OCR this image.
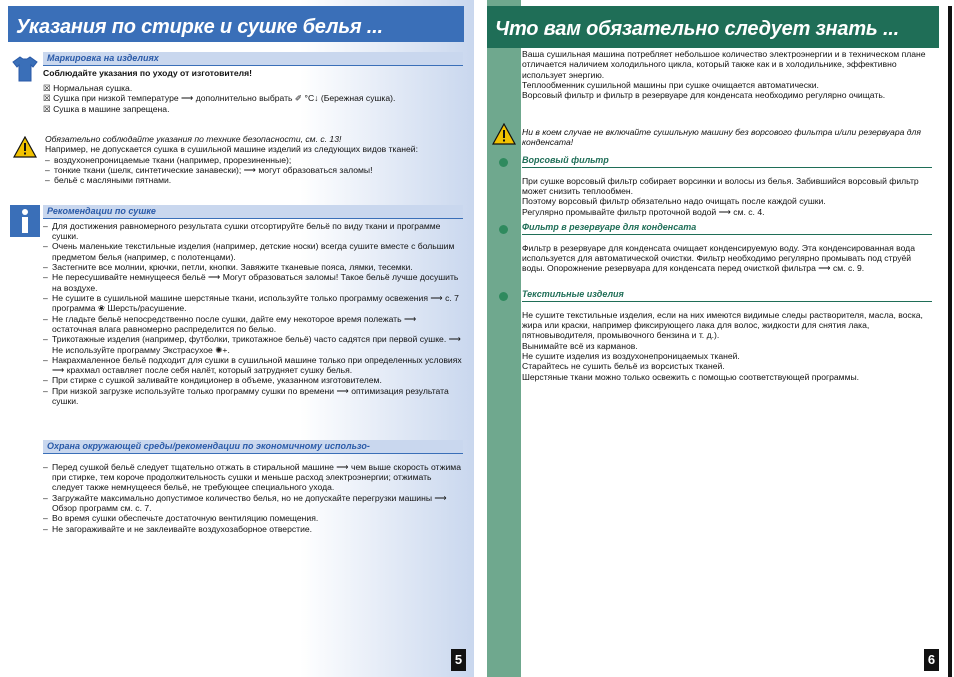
Указания по стирке и сушке белья ...
Маркировка на изделиях

Соблюдайте указания по уходу от изготовителя!

☒ Нормальная сушка.

☒ Сушка при низкой температуре ⟶ дополнительно выбрать ✐ °C↓ (Бережная сушка).

☒ Сушка в машине запрещена.

Обязательно соблюдайте указания по технике безопасности, см. с. 13!

Например, не допускается сушка в сушильной машине изделий из следующих видов тканей:

– воздухонепроницаемые ткани (например, прорезиненные);
– тонкие ткани (шелк, синтетические занавески); ⟶ могут образоваться заломы!
– бельё с масляными пятнами.
Рекомендации по сушке
– Для достижения равномерного результата сушки отсортируйте бельё по виду ткани и программе сушки.
– Очень маленькие текстильные изделия (например, детские носки) всегда сушите вместе с большим предметом белья (например, с полотенцами).
– Застегните все молнии, крючки, петли, кнопки. Завяжите тканевые пояса, лямки, тесемки.
– Не пересушивайте немнущееся бельё ⟶ Могут образоваться заломы! Такое бельё лучше досушить на воздухе.
– Не сушите в сушильной машине шерстяные ткани, используйте только программу освежения ⟶ с. 7 программа ❀ Шерсть/расушение.
– Не гладьте бельё непосредственно после сушки, дайте ему некоторое время полежать ⟶ остаточная влага равномерно распределится по белью.
– Трикотажные изделия (например, футболки, трикотажное бельё) часто садятся при первой сушке. ⟶ Не используйте программу Экстрасухое ✺+.
– Накрахмаленное бельё подходит для сушки в сушильной машине только при определенных условиях ⟶ крахмал оставляет после себя налёт, который затрудняет сушку белья.
– При стирке с сушкой заливайте кондиционер в объеме, указанном изготовителем.
– При низкой загрузке используйте только программу сушки по времени ⟶ оптимизация результата сушки.
Охрана окружающей среды/рекомендации по экономичному использо-
– Перед сушкой бельё следует тщательно отжать в стиральной машине ⟶ чем выше скорость отжима при стирке, тем короче продолжительность сушки и меньше расход электроэнергии; отжимать следует также немнущееся бельё, не требующее специального ухода.
– Загружайте максимально допустимое количество белья, но не допускайте перегрузки машины ⟶ Обзор программ см. с. 7.
– Во время сушки обеспечьте достаточную вентиляцию помещения.
– Не загораживайте и не заклеивайте воздухозаборное отверстие.
5
Что вам обязательно следует знать ...

Ваша сушильная машина потребляет небольшое количество электроэнергии и в техническом плане отличается наличием холодильного цикла, который также как и в холодильнике, эффективно использует энергию.

Теплообменник сушильной машины при сушке очищается автоматически.

Ворсовый фильтр и фильтр в резервуаре для конденсата необходимо регулярно очищать.

Ни в коем случае не включайте сушильную машину без ворсового фильтра и/или резервуара для конденсата!

Ворсовый фильтр

При сушке ворсовый фильтр собирает ворсинки и волосы из белья. Забившийся ворсовый фильтр может снизить теплообмен.

Поэтому ворсовый фильтр обязательно надо очищать после каждой сушки.

Регулярно промывайте фильтр проточной водой ⟶ см. с. 4.

Фильтр в резервуаре для конденсата

Фильтр в резервуаре для конденсата очищает конденсируемую воду. Эта конденсированная вода используется для автоматической очистки. Фильтр необходимо регулярно промывать под струёй воды. Опорожнение резервуара для конденсата перед очисткой фильтра ⟶ см. с. 9.

Текстильные изделия

Не сушите текстильные изделия, если на них имеются видимые следы растворителя, масла, воска, жира или краски, например фиксирующего лака для волос, жидкости для снятия лака, пятновыводителя, промывочного бензина и т. д.).

Вынимайте всё из карманов.

Не сушите изделия из воздухонепроницаемых тканей.

Старайтесь не сушить бельё из ворсистых тканей.

Шерстяные ткани можно только освежить с помощью соответствующей программы.

6
